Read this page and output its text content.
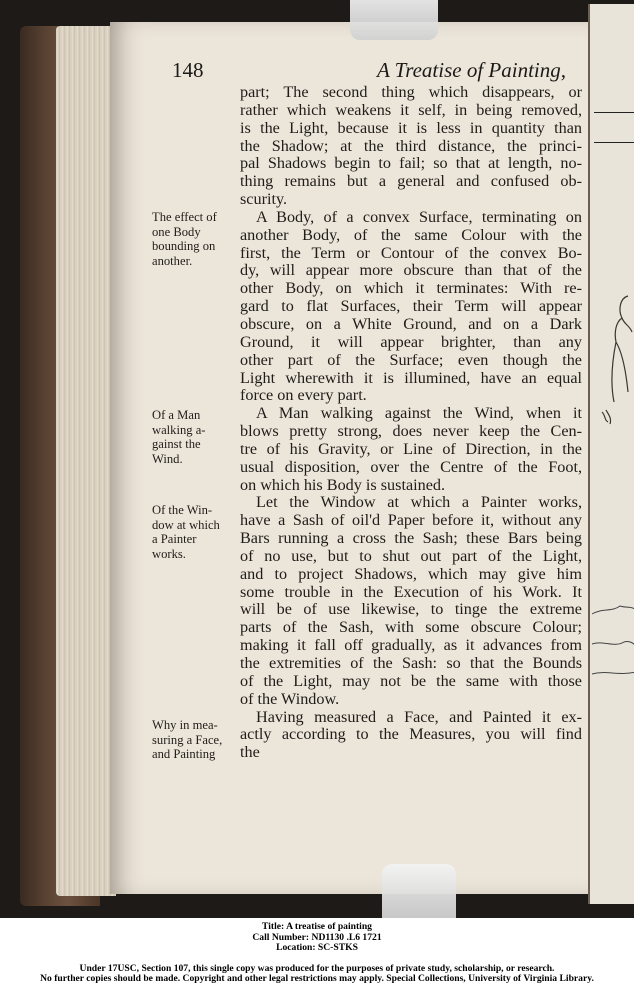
148	A Treatise of Painting,
part; The second thing which disappears, or
rather which weakens it self, in being removed,
is the Light, because it is less in quantity than
the Shadow; at the third distance, the princi-
pal Shadows begin to fail; so that at length, no-
thing remains but a general and confused ob-
scurity.
A Body, of a convex Surface, terminating on
another Body, of the same Colour with the
first, the Term or Contour of the convex Bo-
dy, will appear more obscure than that of the
other Body, on which it terminates: With re-
gard to flat Surfaces, their Term will appear
obscure, on a White Ground, and on a Dark
Ground, it will appear brighter, than any
other part of the Surface; even though the
Light wherewith it is illumined, have an equal
force on every part.
A Man walking against the Wind, when it
blows pretty strong, does never keep the Cen-
tre of his Gravity, or Line of Direction, in the
usual disposition, over the Centre of the Foot,
on which his Body is sustained.
Let the Window at which a Painter works,
have a Sash of oil'd Paper before it, without any
Bars running a cross the Sash; these Bars being
of no use, but to shut out part of the Light,
and to project Shadows, which may give him
some trouble in the Execution of his Work. It
will be of use likewise, to tinge the extreme
parts of the Sash, with some obscure Colour;
making it fall off gradually, as it advances from
the extremities of the Sash: so that the Bounds
of the Light, may not be the same with those
of the Window.
Having measured a Face, and Painted it ex-
actly according to the Measures, you will find
the
The effect of
one Body
bounding on
another.
Of a Man
walking a-
gainst the
Wind.
Of the Win-
dow at which
a Painter
works.
Why in mea-
suring a Face,
and Painting
Title: A treatise of painting
Call Number: ND1130 .L6 1721
Location: SC-STKS
Under 17USC, Section 107, this single copy was produced for the purposes of private study, scholarship, or research.
No further copies should be made. Copyright and other legal restrictions may apply. Special Collections, University of Virginia Library.
